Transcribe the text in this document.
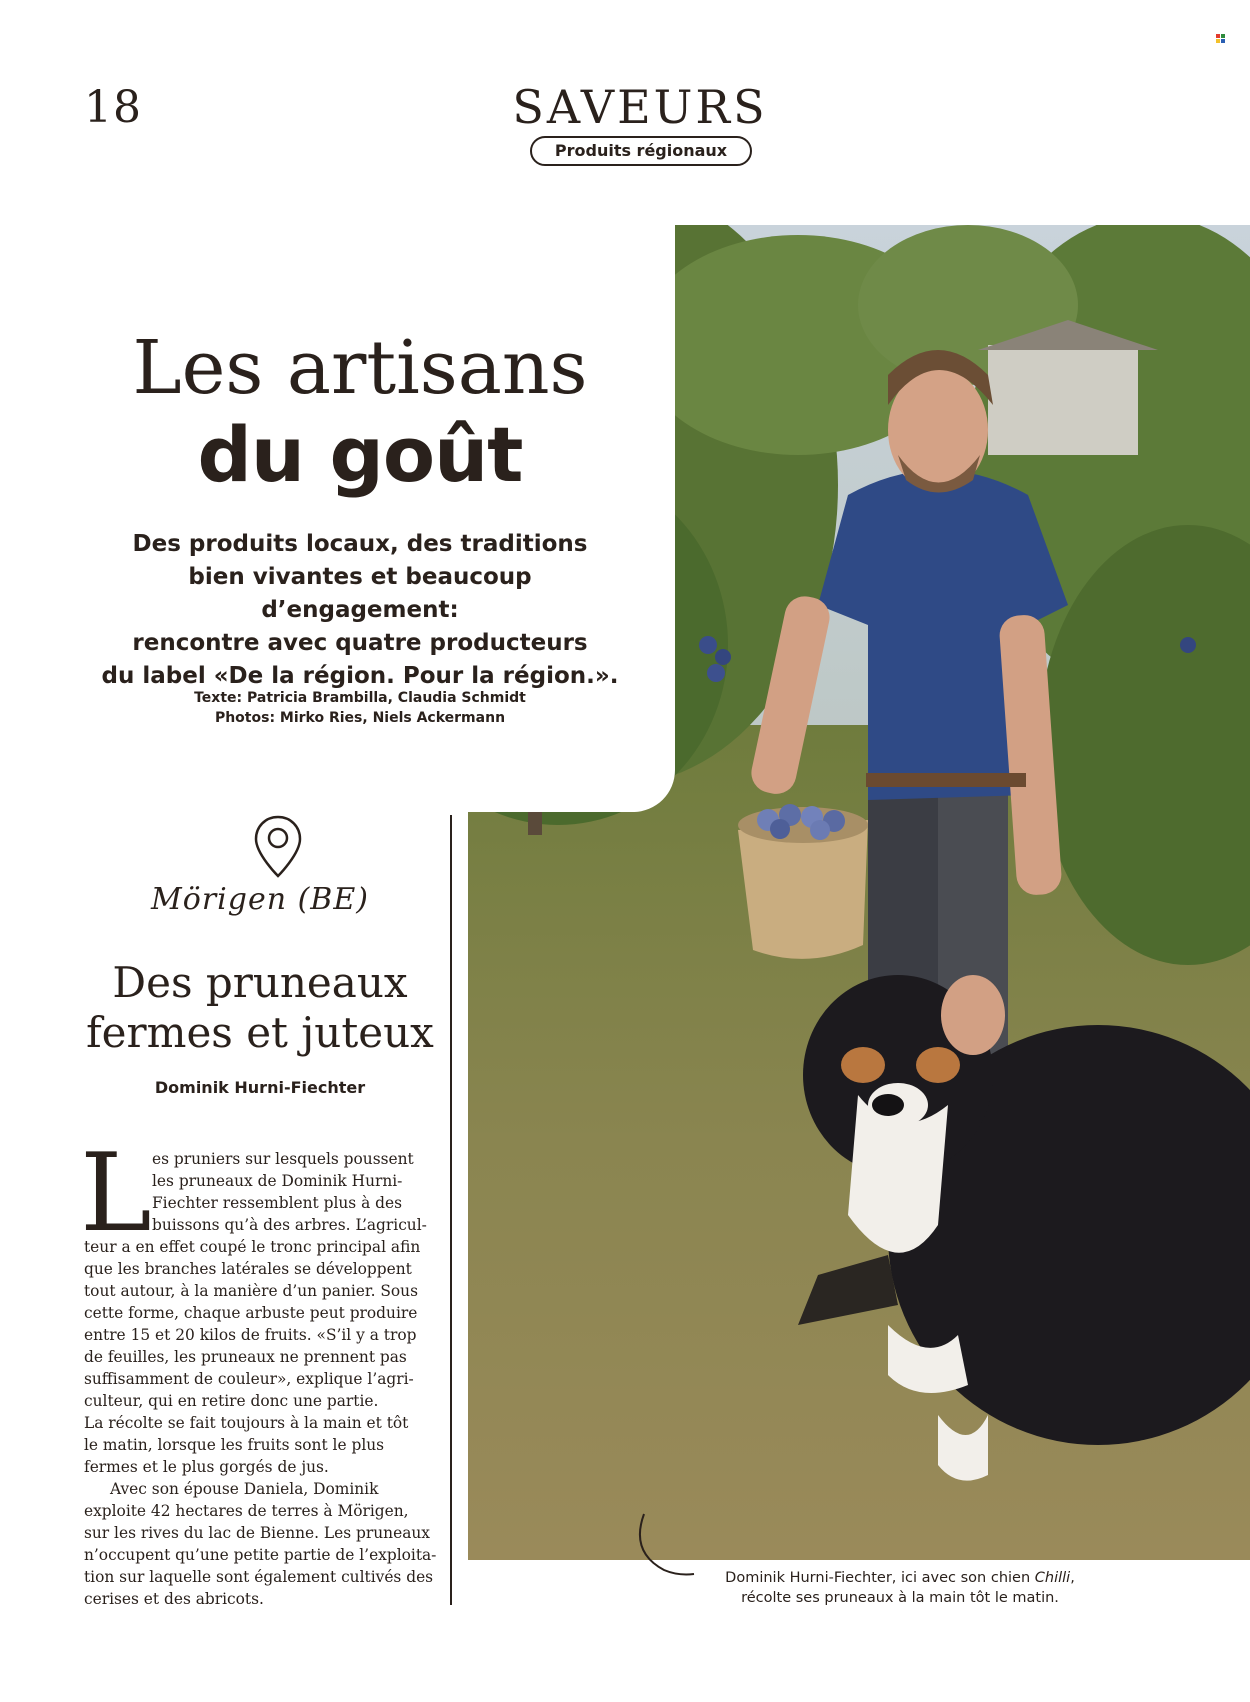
18	SAVEURS
Produits régionaux
Les artisans
du goût
Des produits locaux, des traditions
bien vivantes et beaucoup d’engagement:
rencontre avec quatre producteurs
du label «De la région. Pour la région.».
Texte: Patricia Brambilla, Claudia Schmidt
Photos: Mirko Ries, Niels Ackermann
Mörigen (BE)
Des pruneaux
fermes et juteux
Dominik Hurni-Fiechter
L es pruniers sur lesquels poussent
les pruneaux de Dominik Hurni-
Fiechter ressemblent plus à des
buissons qu’à des arbres. L’agricul-
teur a en effet coupé le tronc principal afin
que les branches latérales se développent
tout autour, à la manière d’un panier. Sous
cette forme, chaque arbuste peut produire
entre 15 et 20 kilos de fruits. «S’il y a trop
de feuilles, les pruneaux ne prennent pas
suffisamment de couleur», explique l’agri-
culteur, qui en retire donc une partie.
La récolte se fait toujours à la main et tôt
le matin, lorsque les fruits sont le plus
fermes et le plus gorgés de jus.
Avec son épouse Daniela, Dominik
exploite 42 hectares de terres à Mörigen,
sur les rives du lac de Bienne. Les pruneaux
n’occupent qu’une petite partie de l’exploita-
tion sur laquelle sont également cultivés des
cerises et des abricots.
Dominik Hurni-Fiechter, ici avec son chien Chilli,
récolte ses pruneaux à la main tôt le matin.
